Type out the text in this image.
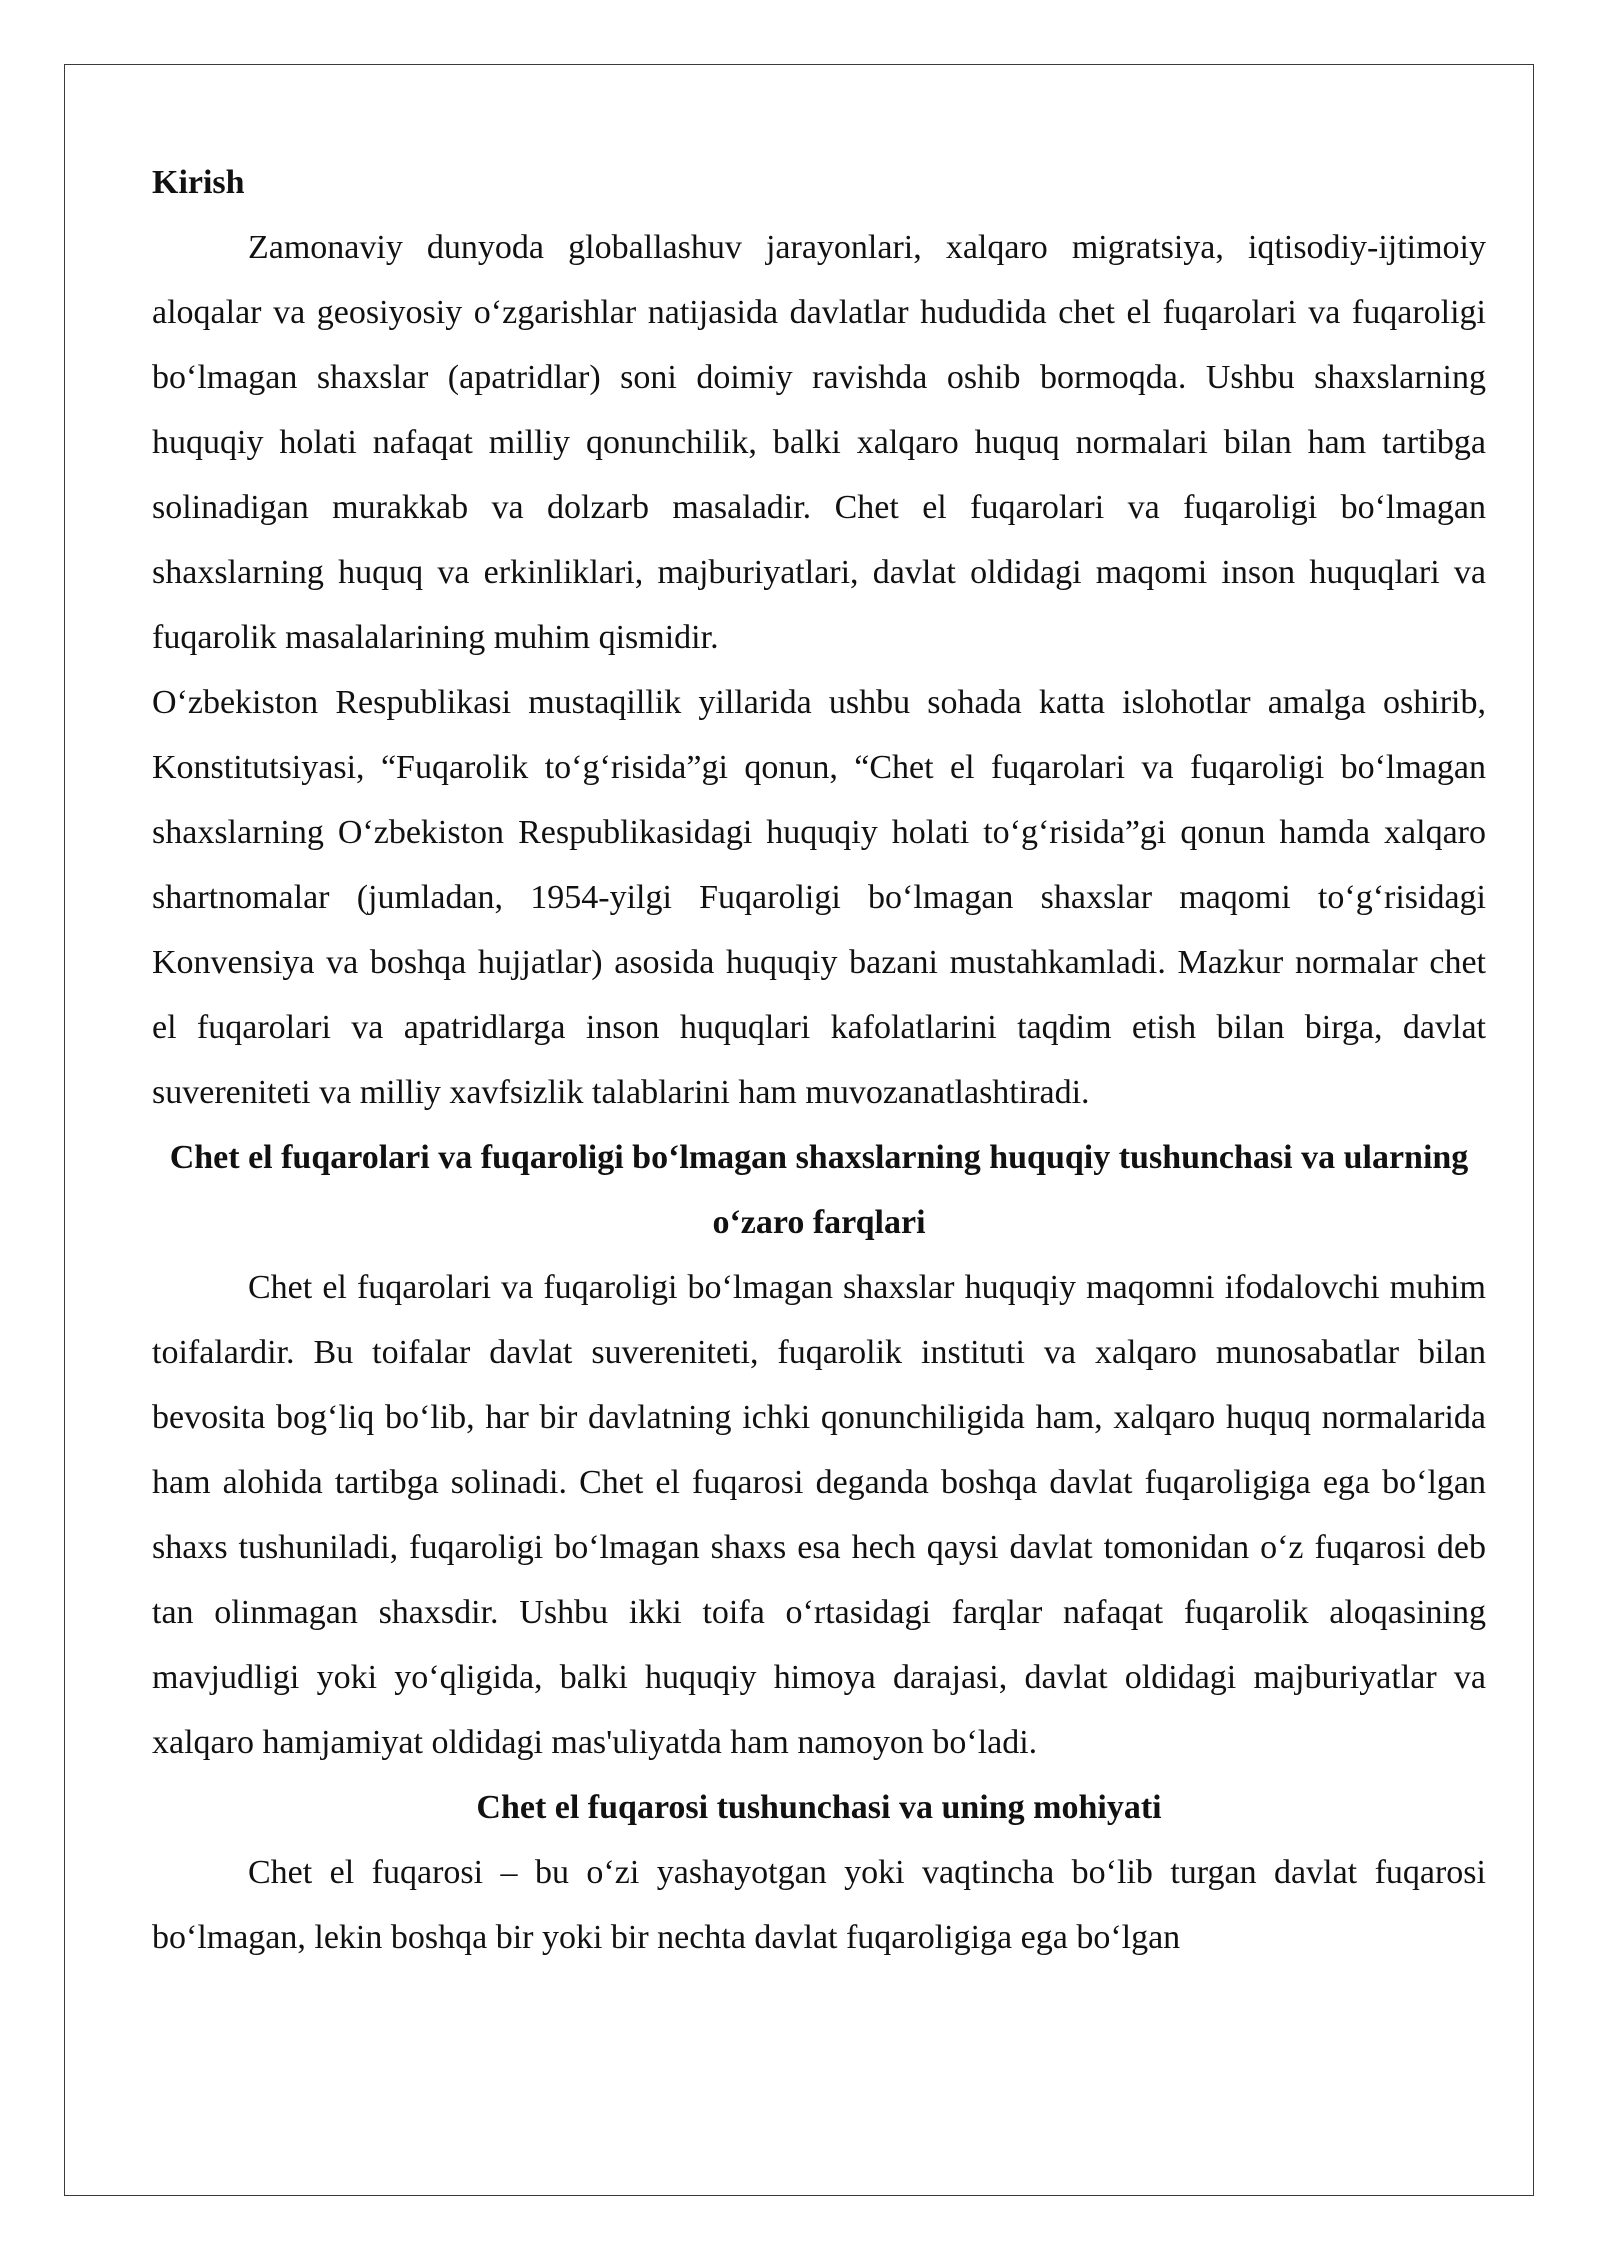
Kirish

Zamonaviy dunyoda globallashuv jarayonlari, xalqaro migratsiya, iqtisodiy-ijtimoiy aloqalar va geosiyosiy o‘zgarishlar natijasida davlatlar hududida chet el fuqarolari va fuqaroligi bo‘lmagan shaxslar (apatridlar) soni doimiy ravishda oshib bormoqda. Ushbu shaxslarning huquqiy holati nafaqat milliy qonunchilik, balki xalqaro huquq normalari bilan ham tartibga solinadigan murakkab va dolzarb masaladir. Chet el fuqarolari va fuqaroligi bo‘lmagan shaxslarning huquq va erkinliklari, majburiyatlari, davlat oldidagi maqomi inson huquqlari va fuqarolik masalalarining muhim qismidir.

O‘zbekiston Respublikasi mustaqillik yillarida ushbu sohada katta islohotlar amalga oshirib, Konstitutsiyasi, “Fuqarolik to‘g‘risida”gi qonun, “Chet el fuqarolari va fuqaroligi bo‘lmagan shaxslarning O‘zbekiston Respublikasidagi huquqiy holati to‘g‘risida”gi qonun hamda xalqaro shartnomalar (jumladan, 1954-yilgi Fuqaroligi bo‘lmagan shaxslar maqomi to‘g‘risidagi Konvensiya va boshqa hujjatlar) asosida huquqiy bazani mustahkamladi. Mazkur normalar chet el fuqarolari va apatridlarga inson huquqlari kafolatlarini taqdim etish bilan birga, davlat suvereniteti va milliy xavfsizlik talablarini ham muvozanatlashtiradi.

Chet el fuqarolari va fuqaroligi bo‘lmagan shaxslarning huquqiy tushunchasi va ularning o‘zaro farqlari

Chet el fuqarolari va fuqaroligi bo‘lmagan shaxslar huquqiy maqomni ifodalovchi muhim toifalardir. Bu toifalar davlat suvereniteti, fuqarolik instituti va xalqaro munosabatlar bilan bevosita bog‘liq bo‘lib, har bir davlatning ichki qonunchiligida ham, xalqaro huquq normalarida ham alohida tartibga solinadi. Chet el fuqarosi deganda boshqa davlat fuqaroligiga ega bo‘lgan shaxs tushuniladi, fuqaroligi bo‘lmagan shaxs esa hech qaysi davlat tomonidan o‘z fuqarosi deb tan olinmagan shaxsdir. Ushbu ikki toifa o‘rtasidagi farqlar nafaqat fuqarolik aloqasining mavjudligi yoki yo‘qligida, balki huquqiy himoya darajasi, davlat oldidagi majburiyatlar va xalqaro hamjamiyat oldidagi mas'uliyatda ham namoyon bo‘ladi.

Chet el fuqarosi tushunchasi va uning mohiyati

Chet el fuqarosi – bu o‘zi yashayotgan yoki vaqtincha bo‘lib turgan davlat fuqarosi bo‘lmagan, lekin boshqa bir yoki bir nechta davlat fuqaroligiga ega bo‘lgan
